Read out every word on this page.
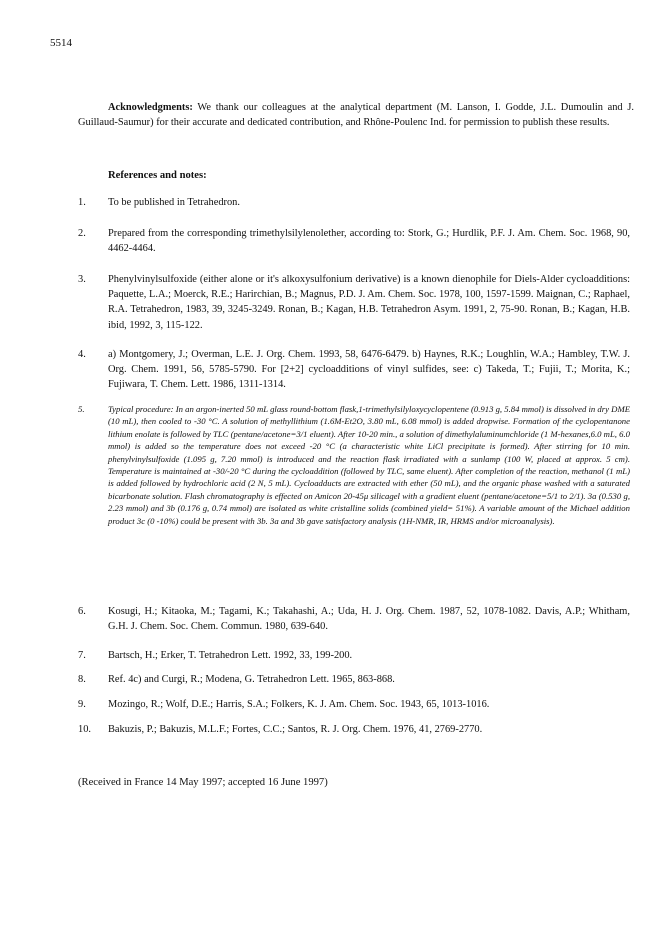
5514
Acknowledgments: We thank our colleagues at the analytical department (M. Lanson, I. Godde, J.L. Dumoulin and J. Guillaud-Saumur) for their accurate and dedicated contribution, and Rhône-Poulenc Ind. for permission to publish these results.
References and notes:
1.	To be published in Tetrahedron.
2.	Prepared from the corresponding trimethylsilylenolether, according to: Stork, G.; Hurdlik, P.F. J. Am. Chem. Soc. 1968, 90, 4462-4464.
3.	Phenylvinylsulfoxide (either alone or it's alkoxysulfonium derivative) is a known dienophile for Diels-Alder cycloadditions: Paquette, L.A.; Moerck, R.E.; Harirchian, B.; Magnus, P.D. J. Am. Chem. Soc. 1978, 100, 1597-1599. Maignan, C.; Raphael, R.A. Tetrahedron, 1983, 39, 3245-3249. Ronan, B.; Kagan, H.B. Tetrahedron Asym. 1991, 2, 75-90. Ronan, B.; Kagan, H.B. ibid, 1992, 3, 115-122.
4.	a) Montgomery, J.; Overman, L.E. J. Org. Chem. 1993, 58, 6476-6479. b) Haynes, R.K.; Loughlin, W.A.; Hambley, T.W. J. Org. Chem. 1991, 56, 5785-5790. For [2+2] cycloadditions of vinyl sulfides, see: c) Takeda, T.; Fujii, T.; Morita, K.; Fujiwara, T. Chem. Lett. 1986, 1311-1314.
5.	Typical procedure: In an argon-inerted 50 mL glass round-bottom flask,1-trimethylsilyloxycyclopentene (0.913 g, 5.84 mmol) is dissolved in dry DME (10 mL), then cooled to -30 °C. A solution of methyllithium (1.6M-Et2O, 3.80 mL, 6.08 mmol) is added dropwise. Formation of the cyclopentanone lithium enolate is followed by TLC (pentane/acetone=3/1 eluent). After 10-20 min., a solution of dimethylaluminumchloride (1 M-hexanes,6.0 mL, 6.0 mmol) is added so the temperature does not exceed -20 °C (a characteristic white LiCl precipitate is formed). After stirring for 10 min. phenylvinylsulfoxide (1.095 g, 7.20 mmol) is introduced and the reaction flask irradiated with a sunlamp (100 W, placed at approx. 5 cm). Temperature is maintained at -30/-20 °C during the cycloaddition (followed by TLC, same eluent). After completion of the reaction, methanol (1 mL) is added followed by hydrochloric acid (2 N, 5 mL). Cycloadducts are extracted with ether (50 mL), and the organic phase washed with a saturated bicarbonate solution. Flash chromatography is effected on Amicon 20-45μ silicagel with a gradient eluent (pentane/acetone=5/1 to 2/1). 3a (0.530 g, 2.23 mmol) and 3b (0.176 g, 0.74 mmol) are isolated as white cristalline solids (combined yield= 51%). A variable amount of the Michael addition product 3c (0 -10%) could be present with 3b. 3a and 3b gave satisfactory analysis (1H-NMR, IR, HRMS and/or microanalysis).
6.	Kosugi, H.; Kitaoka, M.; Tagami, K.; Takahashi, A.; Uda, H. J. Org. Chem. 1987, 52, 1078-1082. Davis, A.P.; Whitham, G.H. J. Chem. Soc. Chem. Commun. 1980, 639-640.
7.	Bartsch, H.; Erker, T. Tetrahedron Lett. 1992, 33, 199-200.
8.	Ref. 4c) and Curgi, R.; Modena, G. Tetrahedron Lett. 1965, 863-868.
9.	Mozingo, R.; Wolf, D.E.; Harris, S.A.; Folkers, K. J. Am. Chem. Soc. 1943, 65, 1013-1016.
10.	Bakuzis, P.; Bakuzis, M.L.F.; Fortes, C.C.; Santos, R. J. Org. Chem. 1976, 41, 2769-2770.
(Received in France 14 May 1997; accepted 16 June 1997)
